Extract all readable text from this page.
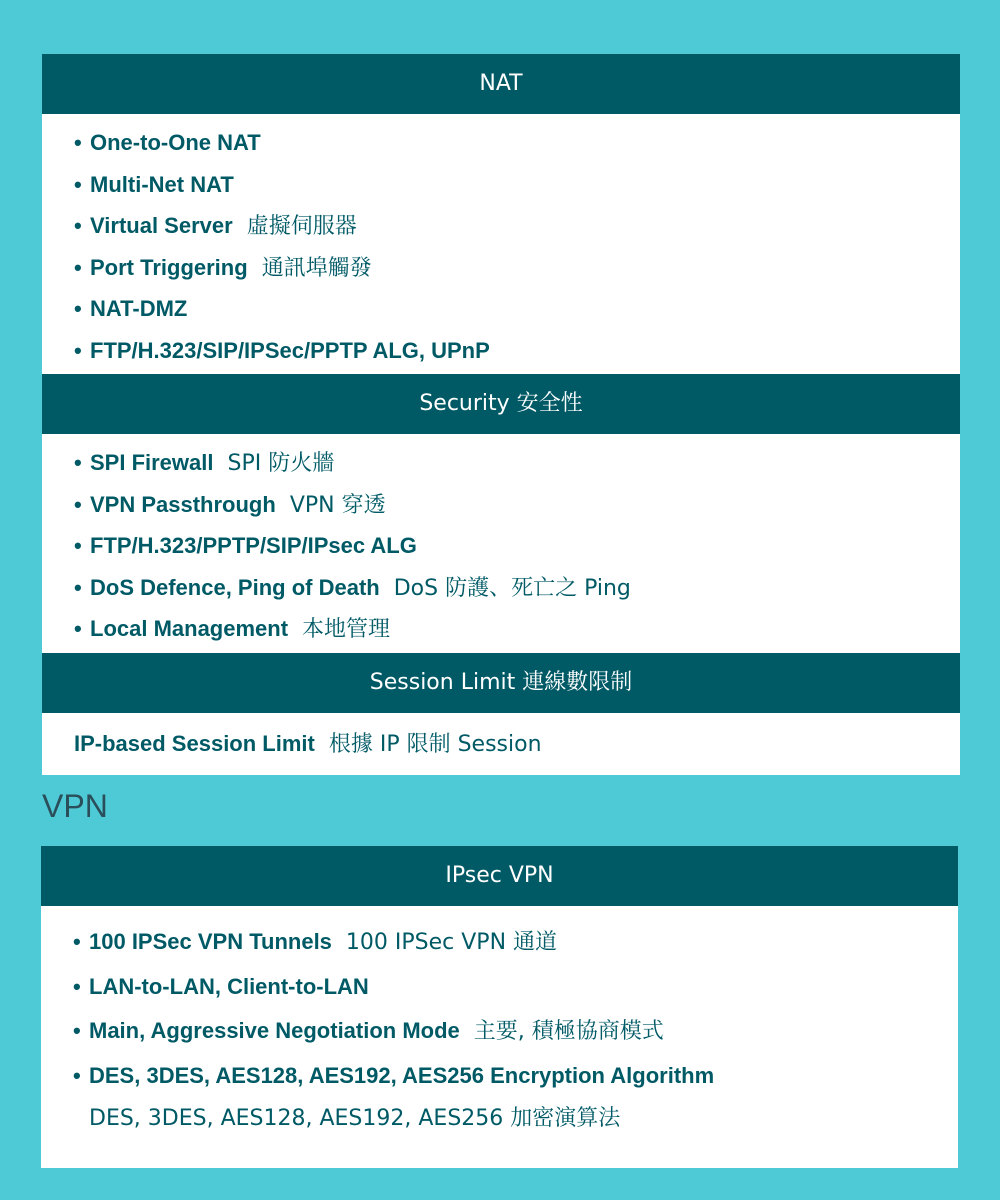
NAT
• One-to-One NAT
• Multi-Net NAT
• Virtual Server 虛擬伺服器
• Port Triggering 通訊埠觸發
• NAT-DMZ
• FTP/H.323/SIP/IPSec/PPTP ALG, UPnP
Security 安全性
• SPI Firewall SPI 防火牆
• VPN Passthrough VPN 穿透
• FTP/H.323/PPTP/SIP/IPsec ALG
• DoS Defence, Ping of Death DoS 防護、死亡之 Ping
• Local Management 本地管理
Session Limit 連線數限制
IP-based Session Limit 根據 IP 限制 Session
VPN
IPsec VPN
• 100 IPSec VPN Tunnels 100 IPSec VPN 通道
• LAN-to-LAN, Client-to-LAN
• Main, Aggressive Negotiation Mode 主要, 積極協商模式
• DES, 3DES, AES128, AES192, AES256 Encryption Algorithm
DES, 3DES, AES128, AES192, AES256 加密演算法
